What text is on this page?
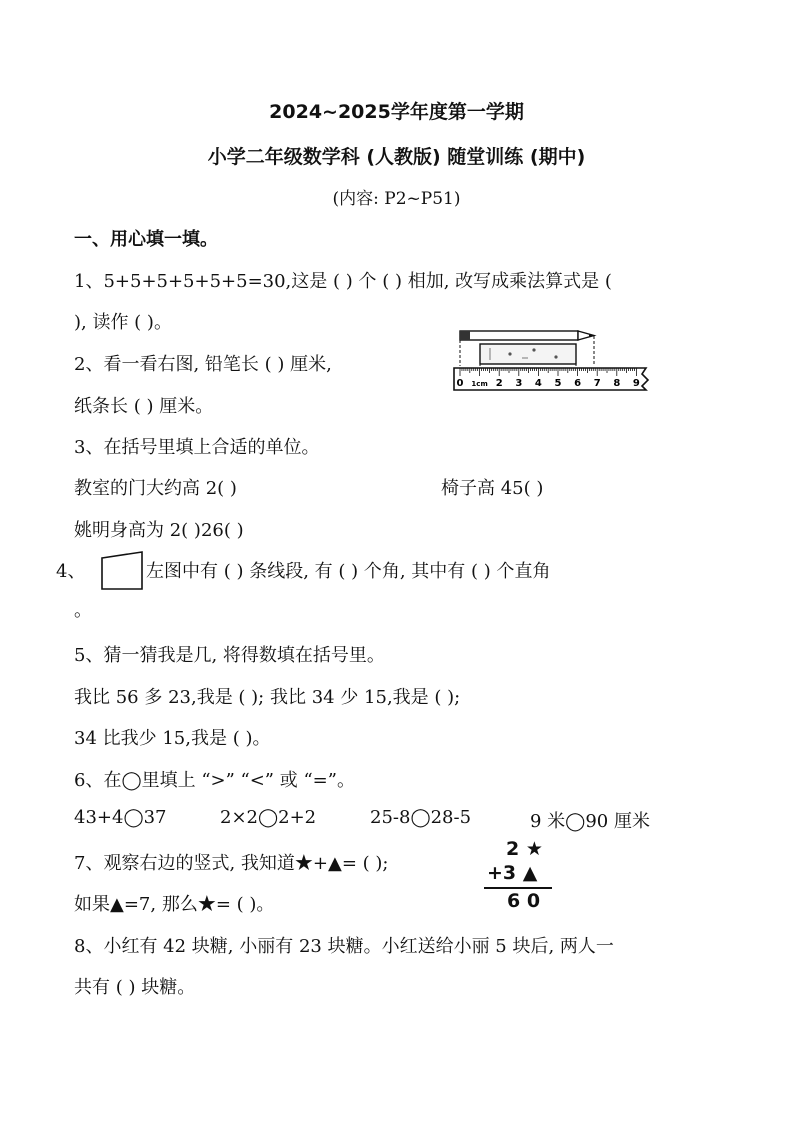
2024~2025学年度第一学期
小学二年级数学科 (人教版) 随堂训练 (期中)
(内容: P2~P51)
一、用心填一填。
1、5+5+5+5+5+5=30,这是 ( ) 个 ( ) 相加, 改写成乘法算式是 (
), 读作 ( )。
2、看一看右图, 铅笔长 ( ) 厘米,
纸条长 ( ) 厘米。
0 1cm 2 3 4 5 6 7 8 9
3、在括号里填上合适的单位。
教室的门大约高 2( )	椅子高 45( )
姚明身高为 2( )26( )
4、	左图中有 ( ) 条线段, 有 ( ) 个角, 其中有 ( ) 个直角
。
5、猜一猜我是几, 将得数填在括号里。
我比 56 多 23,我是 ( ); 我比 34 少 15,我是 ( );
34 比我少 15,我是 ( )。
6、在◯里填上 “>” “<” 或 “=”。
43+4◯37	2×2◯2+2	25-8◯28-5	9 米◯90 厘米
7、观察右边的竖式, 我知道★+▲= ( );
如果▲=7, 那么★= ( )。
2 ★
+3 ▲
6 0
8、小红有 42 块糖, 小丽有 23 块糖。小红送给小丽 5 块后, 两人一
共有 ( ) 块糖。
